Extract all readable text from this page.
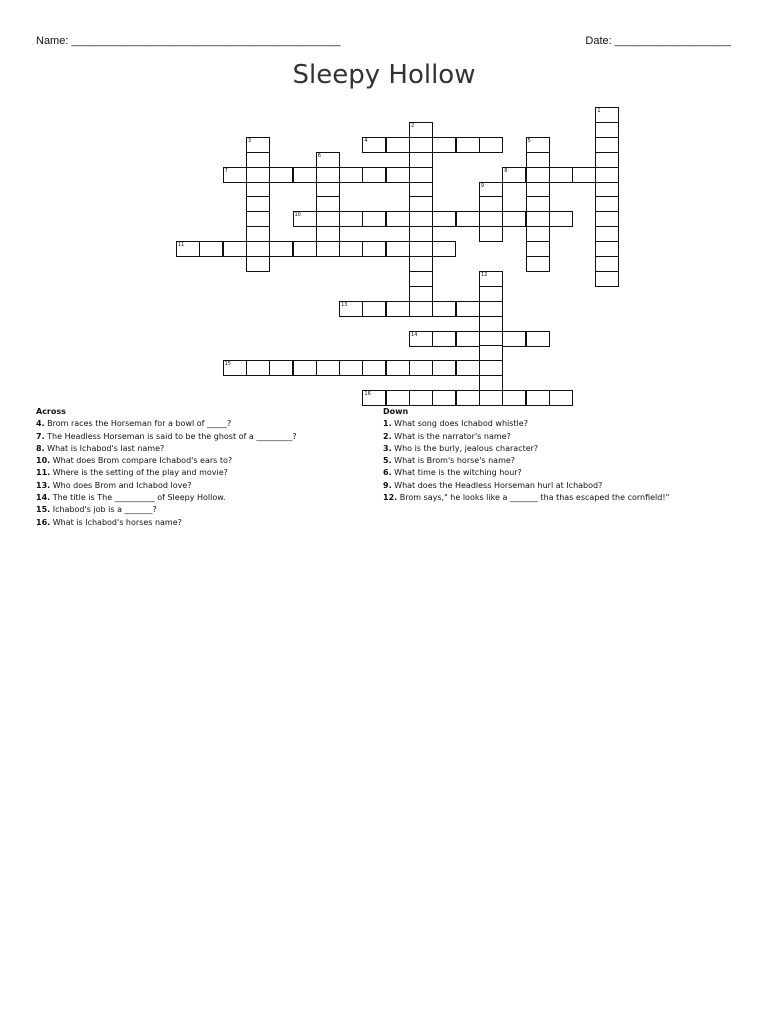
Name: ____________________________________________	Date: ___________________
Sleepy Hollow
1
2
3	4	5
6
7	8
9
10
11
12
13
14
15
16
Across
4. Brom races the Horseman for a bowl of _____?
7. The Headless Horseman is said to be the ghost of a _________?
8. What is Ichabod's last name?
10. What does Brom compare Ichabod's ears to?
11. Where is the setting of the play and movie?
13. Who does Brom and Ichabod love?
14. The title is The __________ of Sleepy Hollow.
15. Ichabod's job is a _______?
16. What is Ichabod's horses name?
Down
1. What song does Ichabod whistle?
2. What is the narrator's name?
3. Who is the burly, jealous character?
5. What is Brom's horse's name?
6. What time is the witching hour?
9. What does the Headless Horseman hurl at Ichabod?
12. Brom says," he looks like a _______ tha thas escaped the cornfield!"
